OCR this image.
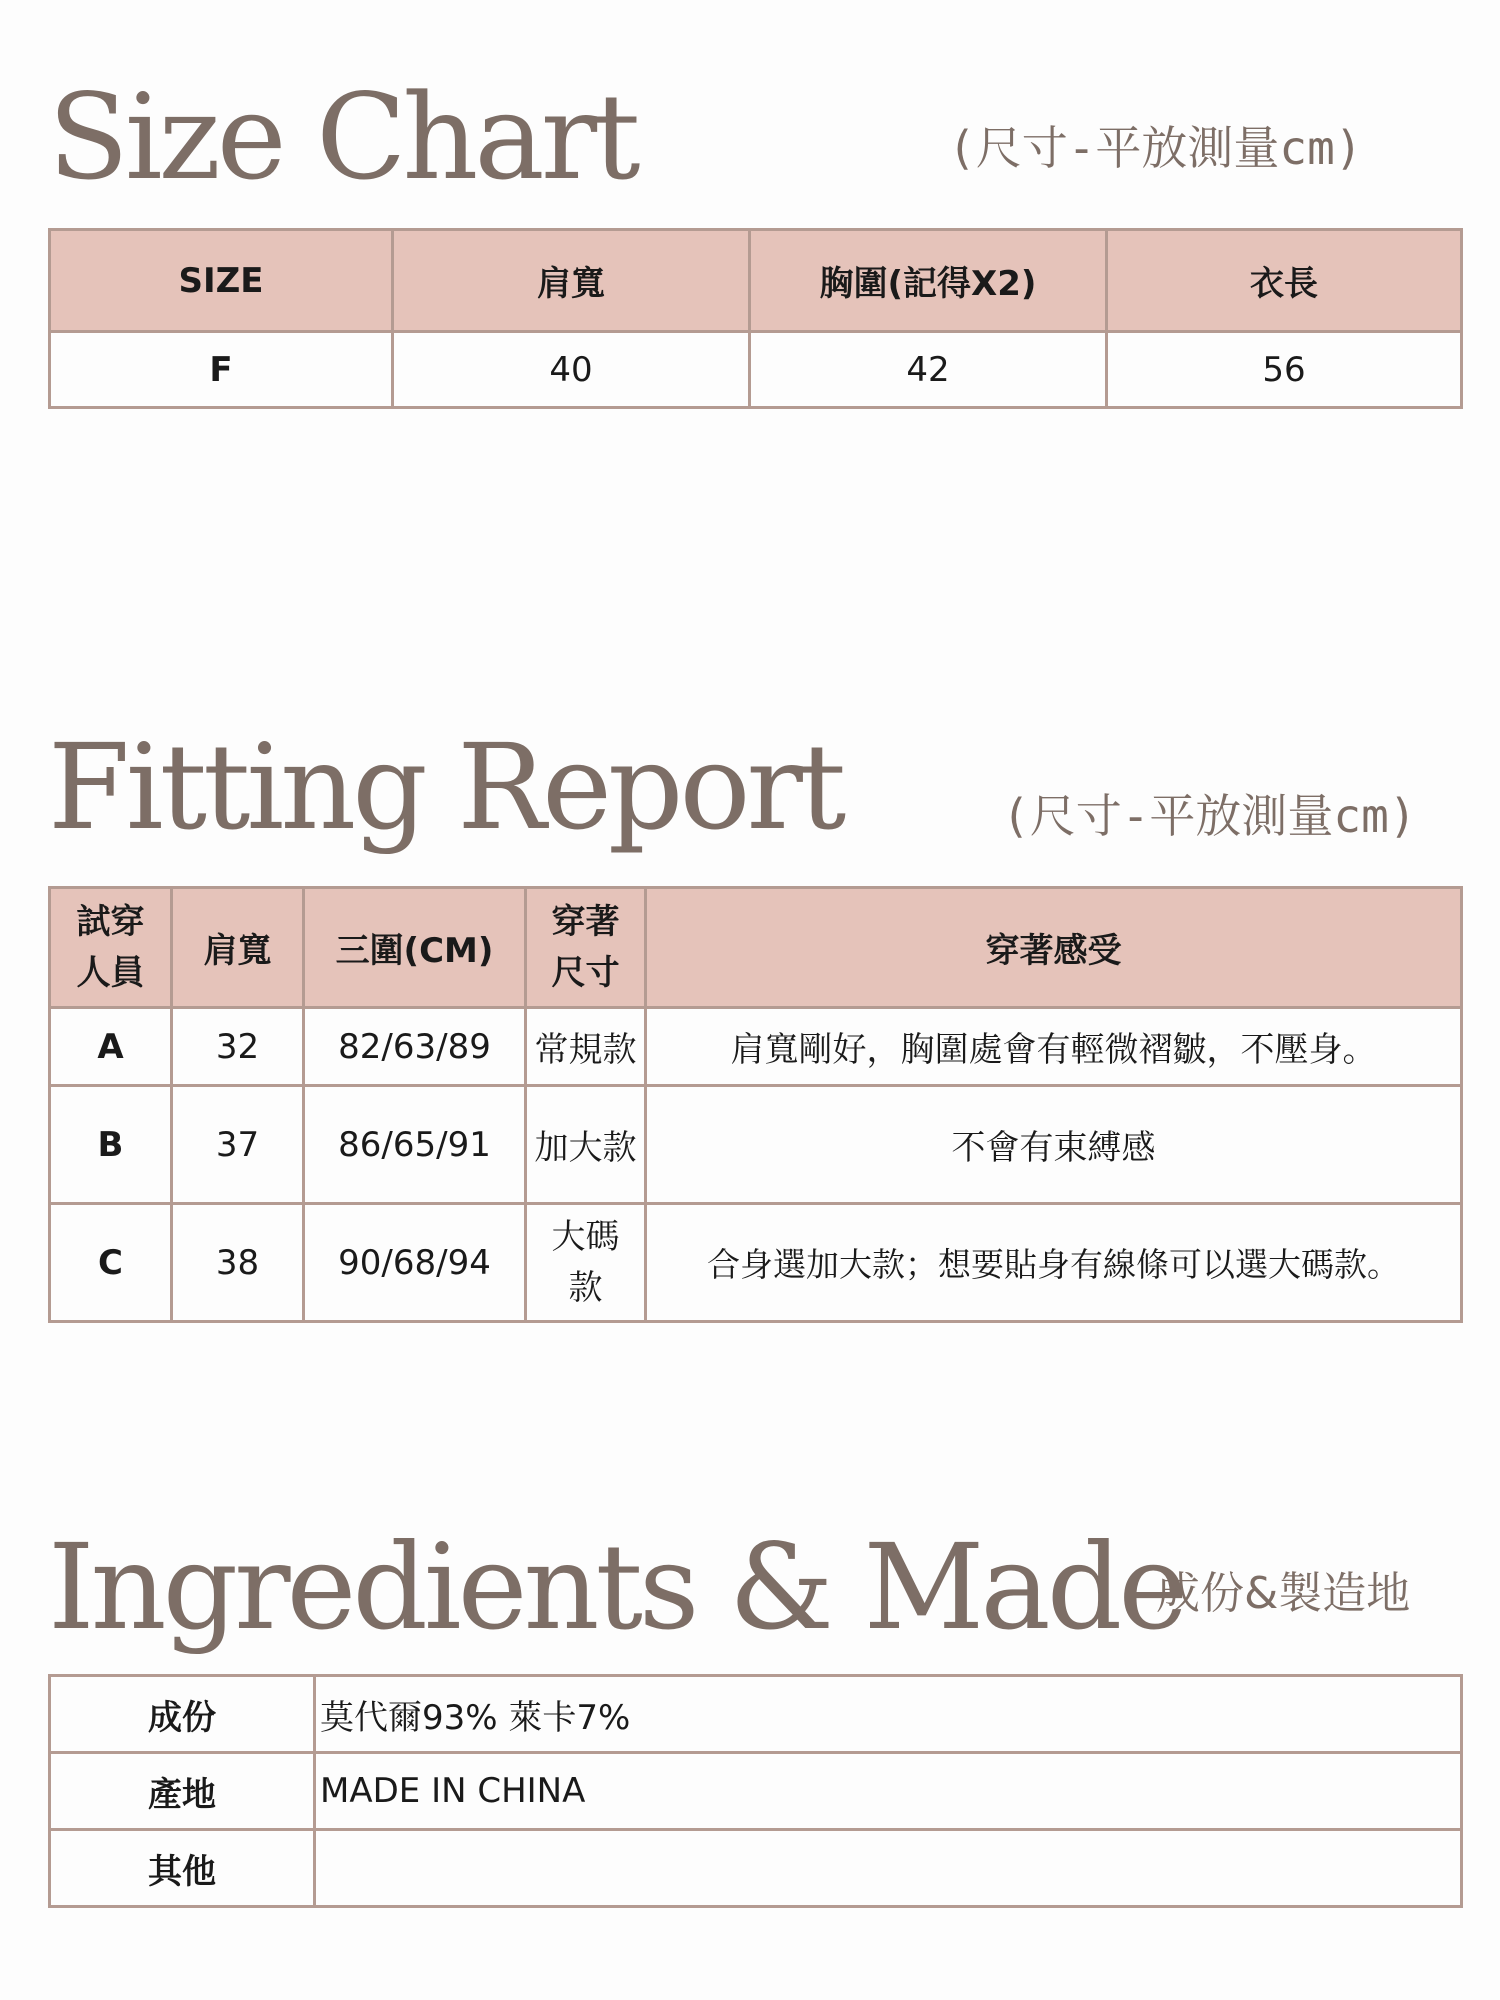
Size Chart	(尺寸-平放測量cm)
SIZE	肩寬	胸圍(記得X2)	衣長
F	40	42	56
Fitting Report	(尺寸-平放測量cm)
試穿人員	肩寬	三圍(CM)	穿著尺寸	穿著感受
A	32	82/63/89	常規款	肩寬剛好，胸圍處會有輕微褶皺，不壓身。
B	37	86/65/91	加大款	不會有束縛感
C	38	90/68/94	大碼款	合身選加大款；想要貼身有線條可以選大碼款。
Ingredients & Made
成份&製造地
成份	莫代爾93% 萊卡7%
產地	MADE IN CHINA
其他	
